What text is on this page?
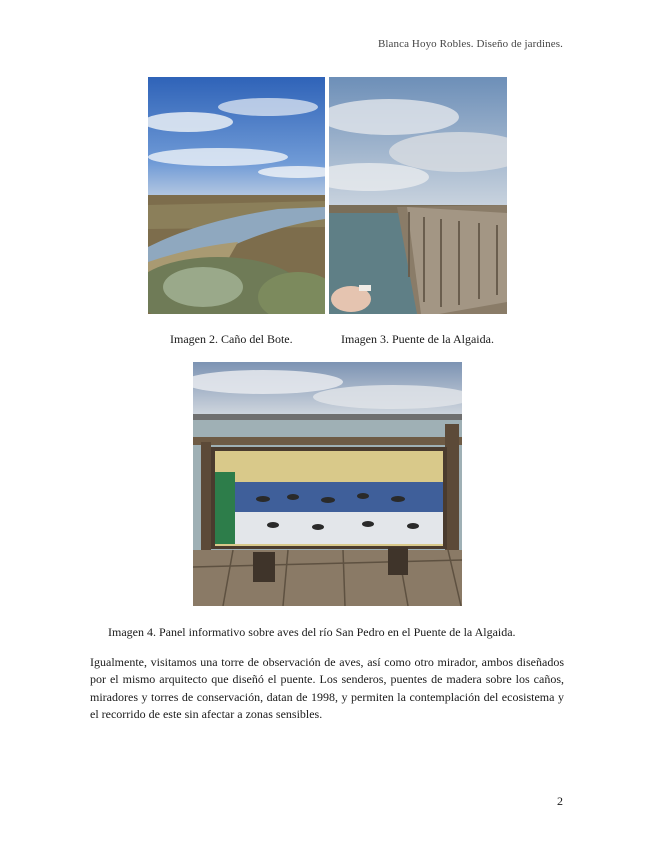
Blanca Hoyo Robles. Diseño de jardines.
Imagen 2. Caño del Bote.	Imagen 3. Puente de la Algaida.
Imagen 4. Panel informativo sobre aves del río San Pedro en el Puente de la Algaida.
Igualmente, visitamos una torre de observación de aves, así como otro mirador, ambos diseñados por el mismo arquitecto que diseñó el puente. Los senderos, puentes de madera sobre los caños, miradores y torres de conservación, datan de 1998, y permiten la contemplación del ecosistema y el recorrido de este sin afectar a zonas sensibles.
2
